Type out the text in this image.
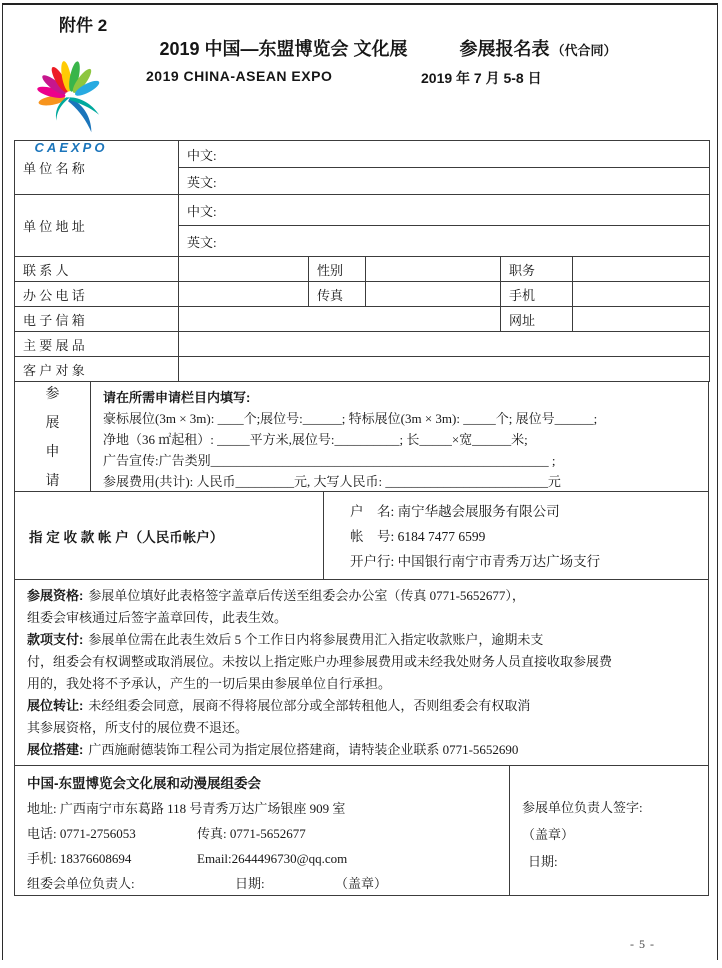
附件 2
CAEXPO
2019 中国—东盟博览会 文化展	参展报名表 （代合同）
2019 CHINA-ASEAN EXPO	2019 年 7 月 5-8 日
单 位 名 称	中文:				
	英文:				
单 位 地 址	中文:				
	英文:				
联 系 人		性别		职务	
办 公 电 话		传真		手机	
电 子 信 箱				网址	
主 要 展 品					
客 户 对 象					
参
展
申
请
请在所需申请栏目内填写:
豪标展位(3m × 3m): ____个;展位号:______; 特标展位(3m × 3m): _____个; 展位号______;
净地（36 ㎡起租）: _____平方米,展位号:__________; 长_____×宽______米;
广告宣传:广告类别____________________________________________________ ;
参展费用(共计): 人民币_________元, 大写人民币: _________________________元
指 定 收 款 帐 户（人民币帐户）

户　名: 南宁华越会展服务有限公司

帐　号: 6184 7477 6599

开户行: 中国银行南宁市青秀万达广场支行

参展资格: 参展单位填好此表格签字盖章后传送至组委会办公室（传真 0771-5652677），

组委会审核通过后签字盖章回传，此表生效。

款项支付: 参展单位需在此表生效后 5 个工作日内将参展费用汇入指定收款账户，逾期未支

付，组委会有权调整或取消展位。未按以上指定账户办理参展费用或未经我处财务人员直接收取参展费

用的，我处将不予承认，产生的一切后果由参展单位自行承担。

展位转让: 未经组委会同意，展商不得将展位部分或全部转租他人，否则组委会有权取消

其参展资格，所支付的展位费不退还。

展位搭建: 广西施耐德装饰工程公司为指定展位搭建商，请特装企业联系 0771-5652690

中国-东盟博览会文化展和动漫展组委会

地址: 广西南宁市东葛路 118 号青秀万达广场银座 909 室

电话: 0771-2756053	传真: 0771-5652677

手机: 18376608694	Email:2644496730@qq.com

组委会单位负责人:	日期:	（盖章）

参展单位负责人签字:

（盖章）

日期:

- 5 -
